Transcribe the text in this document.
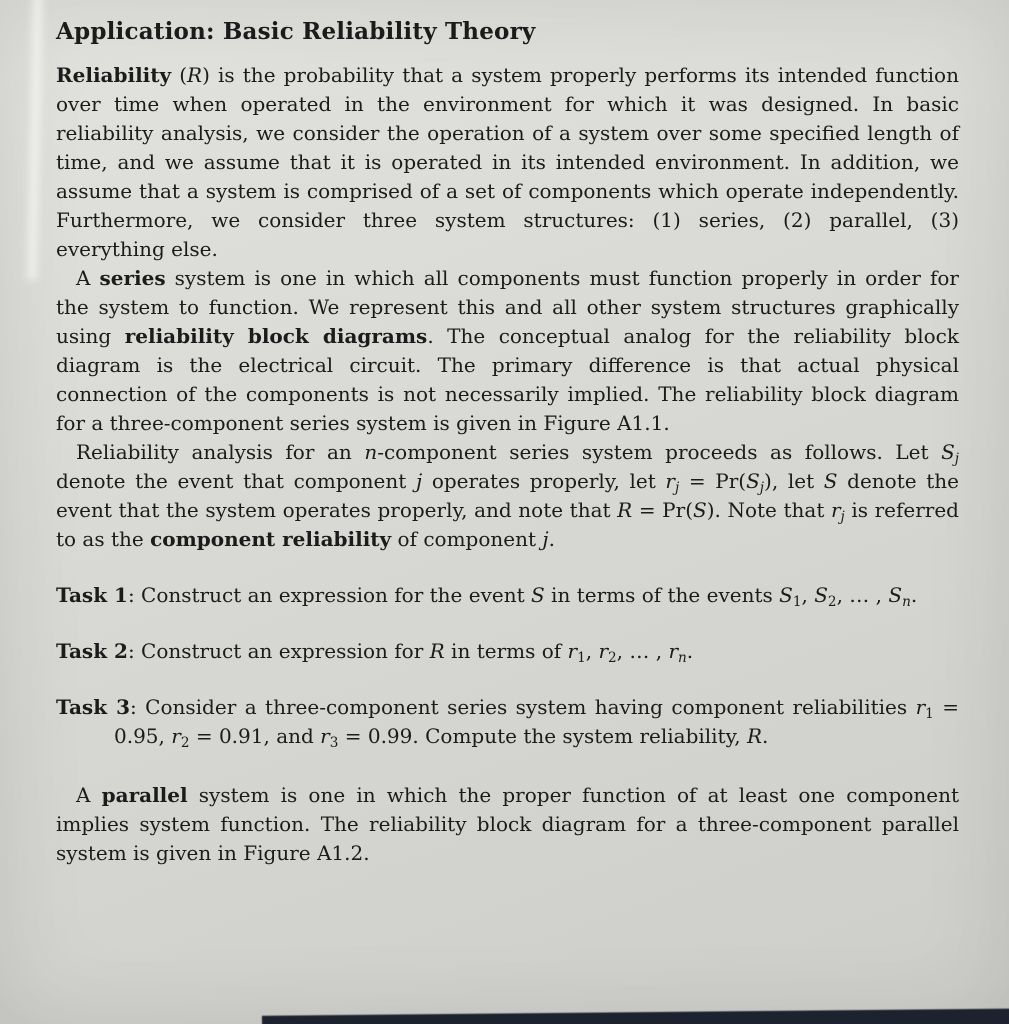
Application: Basic Reliability Theory

Reliability (R) is the probability that a system properly performs its intended function over time when operated in the environment for which it was designed. In basic reliability analysis, we consider the operation of a system over some specified length of time, and we assume that it is operated in its intended environment. In addition, we assume that a system is comprised of a set of components which operate independently. Furthermore, we consider three system structures: (1) series, (2) parallel, (3) everything else.

A series system is one in which all components must function properly in order for the system to function. We represent this and all other system structures graphically using reliability block diagrams. The conceptual analog for the reliability block diagram is the electrical circuit. The primary difference is that actual physical connection of the components is not necessarily implied. The reliability block diagram for a three-component series system is given in Figure A1.1.

Reliability analysis for an n-component series system proceeds as follows. Let $S_j$ denote the event that component j operates properly, let $r_j = Pr(S_j)$, let S denote the event that the system operates properly, and note that R = Pr(S). Note that $r_j$ is referred to as the component reliability of component j.

Task 1: Construct an expression for the event S in terms of the events $S_1$, $S_2$, … , $S_n$.

Task 2: Construct an expression for R in terms of $r_1$, $r_2$, … , $r_n$.

Task 3: Consider a three-component series system having component reliabilities $r_1 = 0.95$, $r_2 = 0.91$, and $r_3 = 0.99$. Compute the system reliability, R.

A parallel system is one in which the proper function of at least one component implies system function. The reliability block diagram for a three-component parallel system is given in Figure A1.2.
